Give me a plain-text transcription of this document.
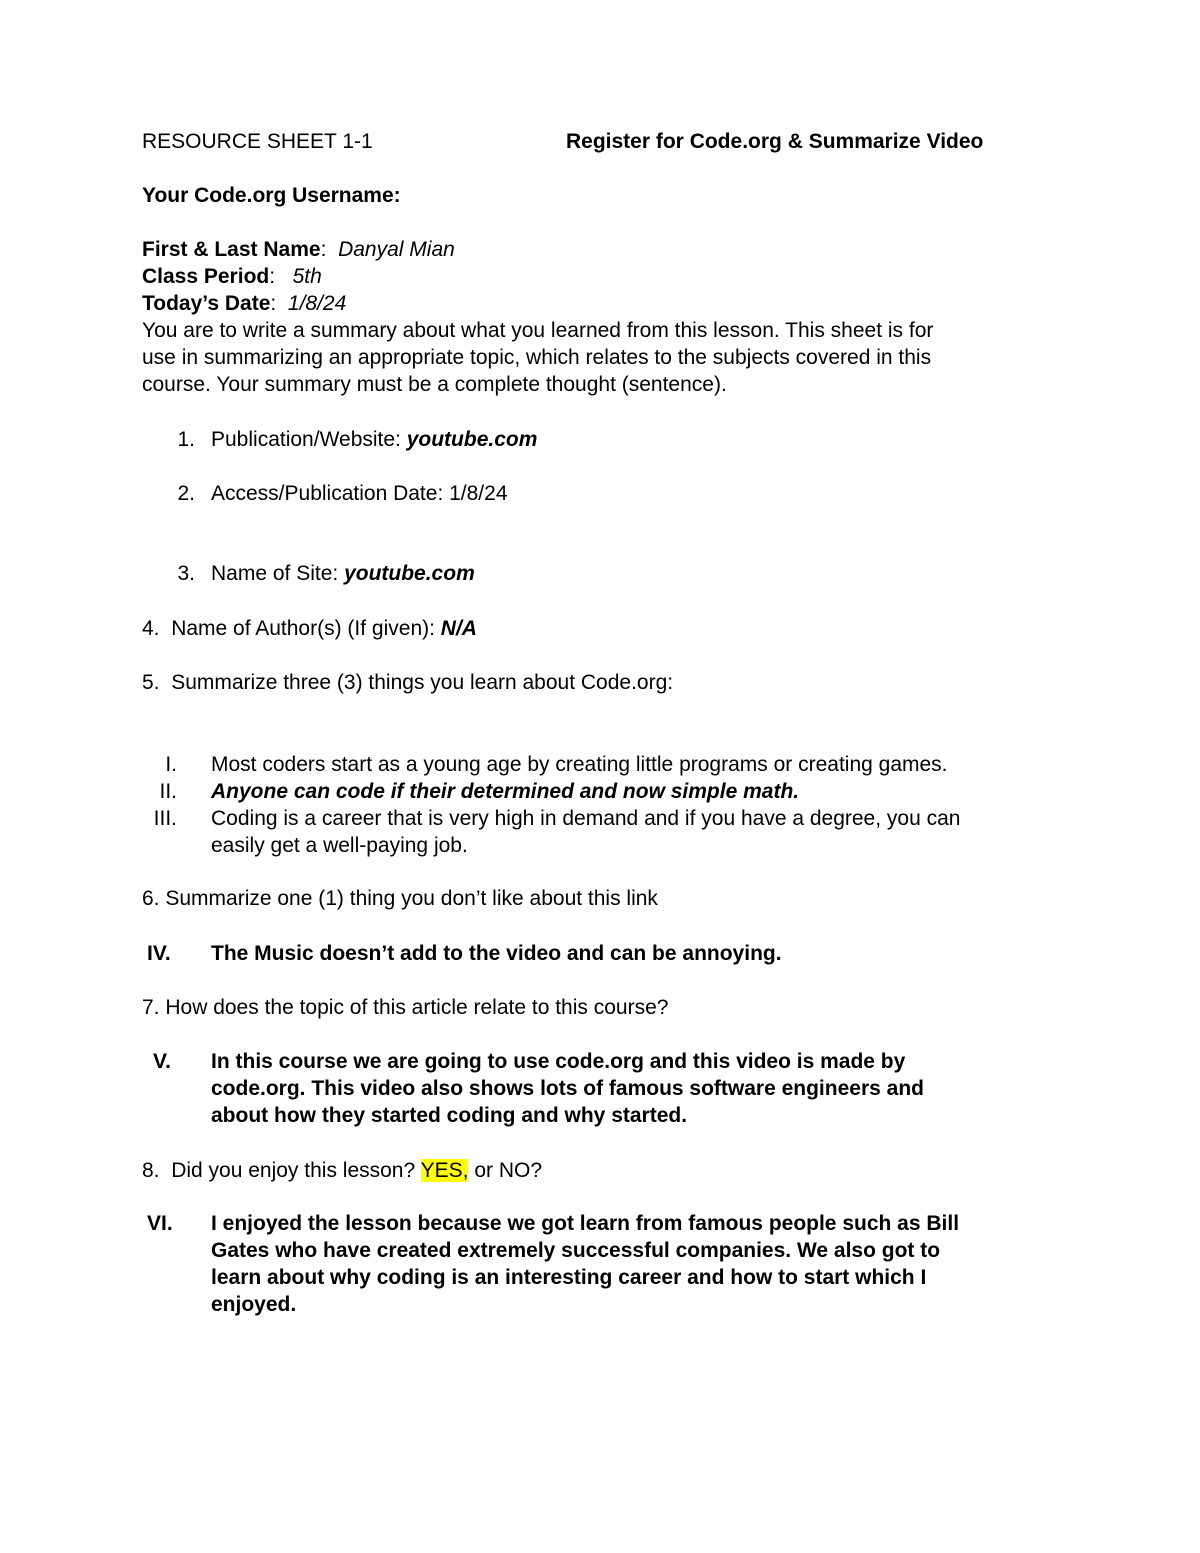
RESOURCE SHEET 1-1	Register for Code.org & Summarize Video
Your Code.org Username:
First & Last Name:  Danyal Mian
Class Period:   5th
Today’s Date:  1/8/24
You are to write a summary about what you learned from this lesson. This sheet is for
use in summarizing an appropriate topic, which relates to the subjects covered in this
course. Your summary must be a complete thought (sentence).
1. Publication/Website: youtube.com
2. Access/Publication Date: 1/8/24
3. Name of Site: youtube.com
4. Name of Author(s) (If given): N/A
5. Summarize three (3) things you learn about Code.org:
I. Most coders start as a young age by creating little programs or creating games.
II. Anyone can code if their determined and now simple math.
III. Coding is a career that is very high in demand and if you have a degree, you can
easily get a well-paying job.
6. Summarize one (1) thing you don’t like about this link
IV. The Music doesn’t add to the video and can be annoying.
7. How does the topic of this article relate to this course?
V. In this course we are going to use code.org and this video is made by
code.org. This video also shows lots of famous software engineers and
about how they started coding and why started.
8. Did you enjoy this lesson? YES, or NO?
VI. I enjoyed the lesson because we got learn from famous people such as Bill
Gates who have created extremely successful companies. We also got to
learn about why coding is an interesting career and how to start which I
enjoyed.
